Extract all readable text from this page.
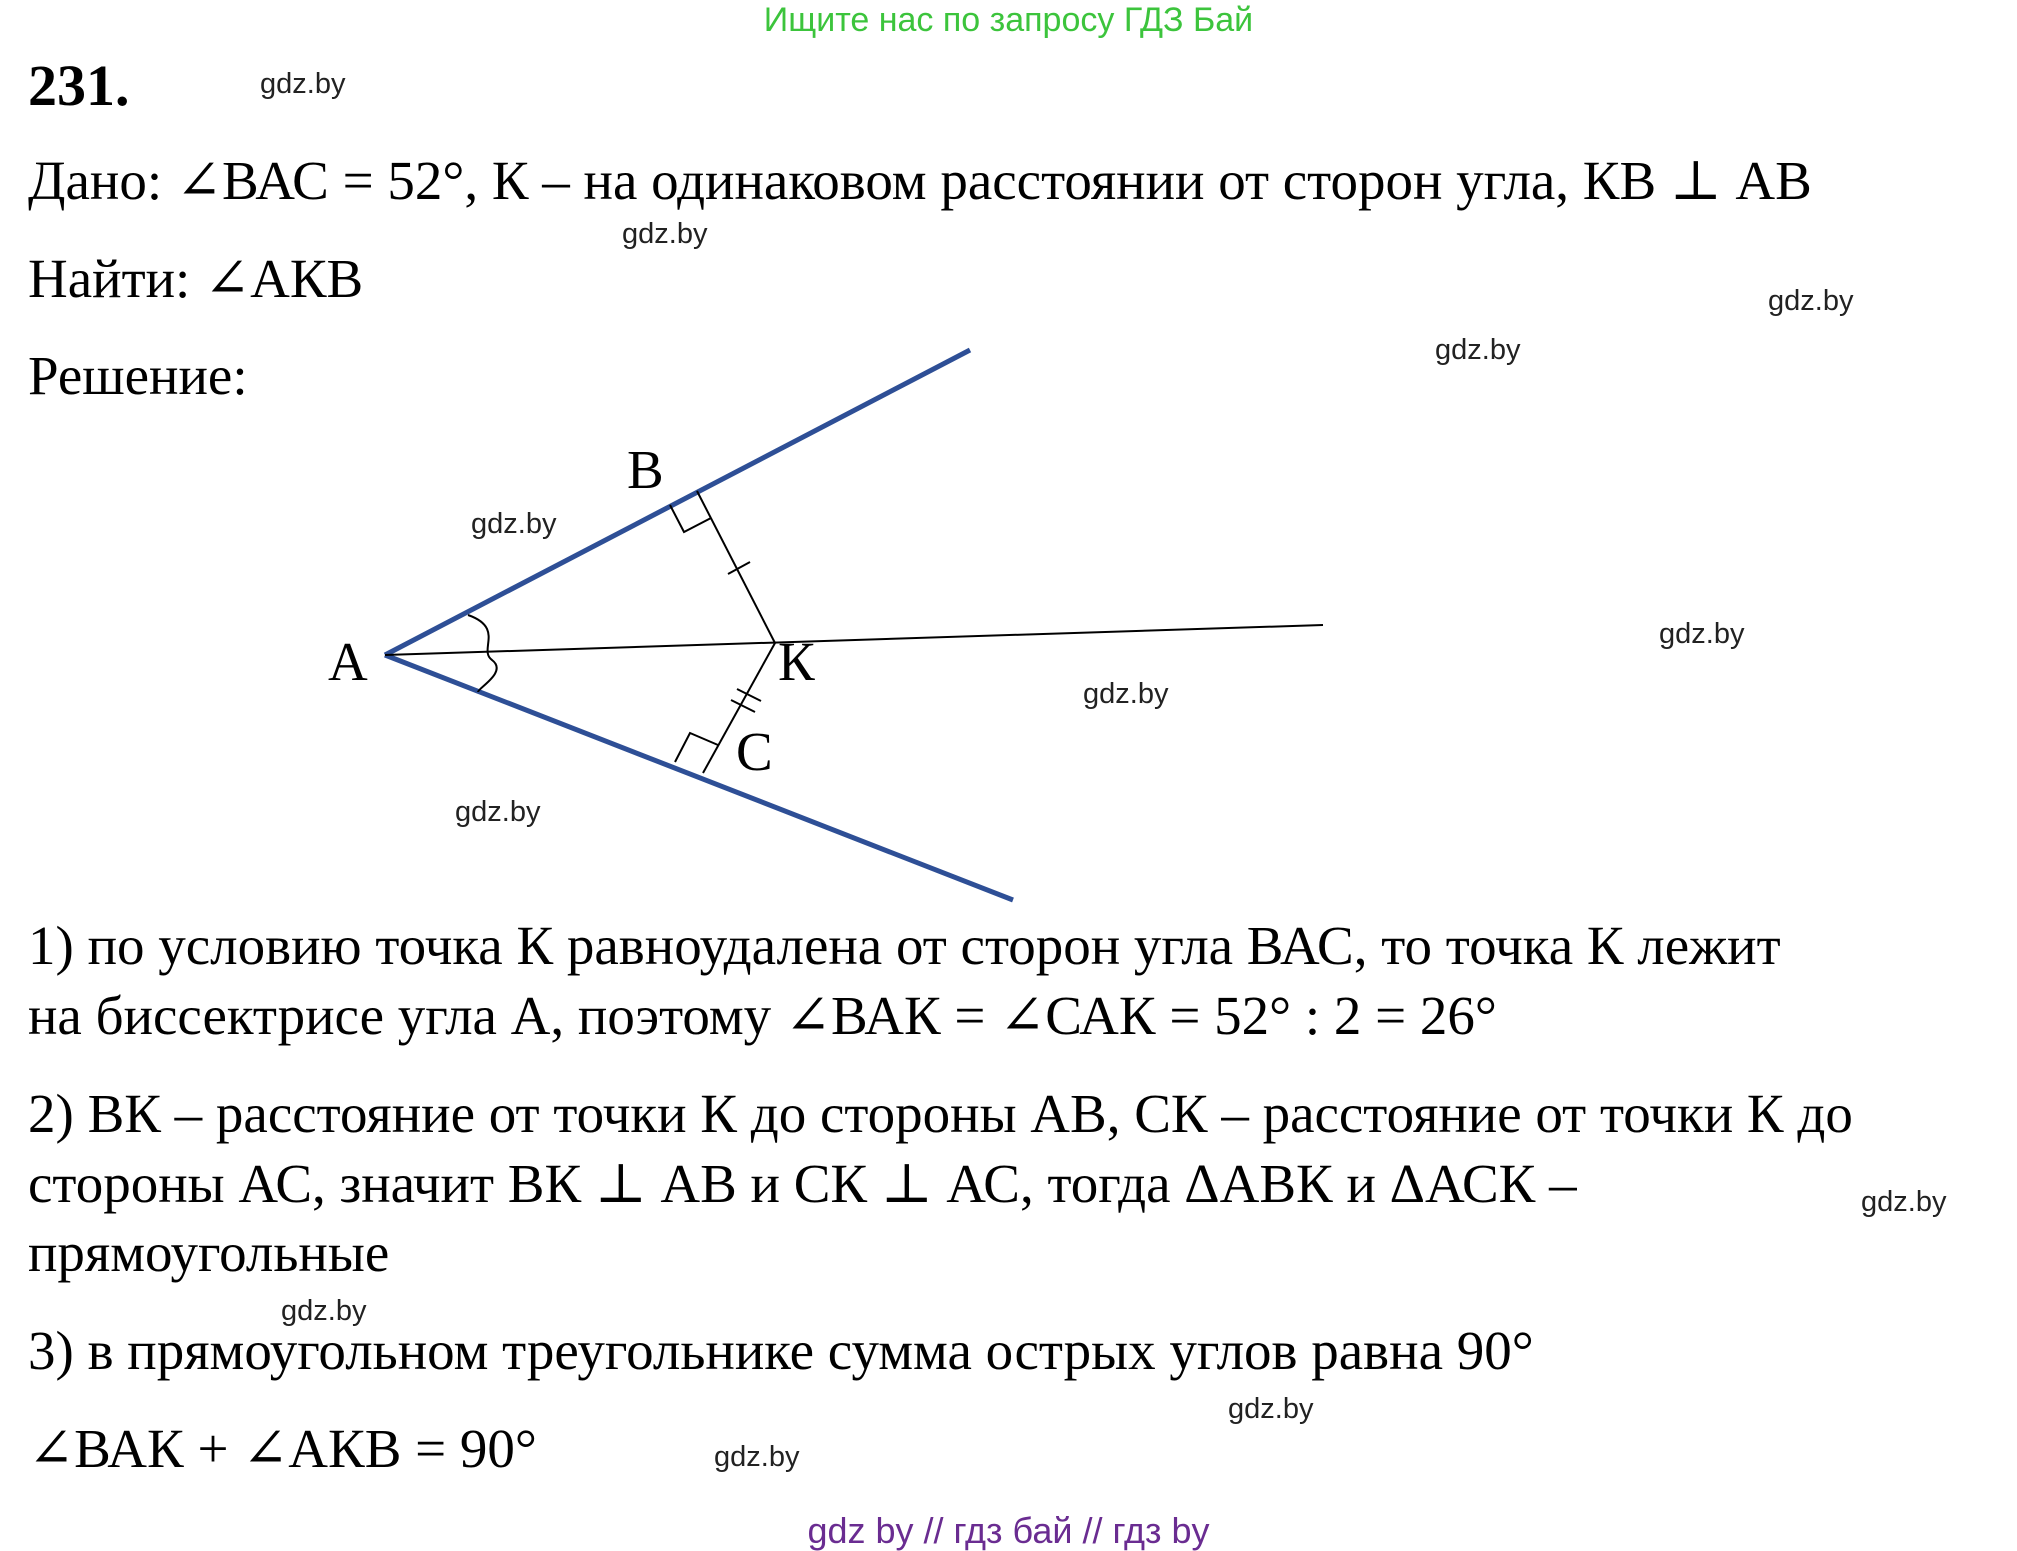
Ищите нас по запросу ГДЗ Бай
231.
Дано: ∠ВАС = 52°, К – на одинаковом расстоянии от сторон угла, КВ ⊥ АВ
Найти: ∠АКВ
Решение:
А
В
К
С
1) по условию точка К равноудалена от сторон угла ВАС, то точка К лежит
на биссектрисе угла А, поэтому ∠ВАК = ∠САК = 52° : 2 = 26°
2) ВК – расстояние от точки К до стороны АВ, СК – расстояние от точки К до
стороны АС, значит ВК ⊥ АВ и СК ⊥ АС, тогда ΔАВК и ΔАСК –
прямоугольные
3) в прямоугольном треугольнике сумма острых углов равна 90°
∠ВАК + ∠АКВ = 90°
gdz.by
gdz.by
gdz.by
gdz.by
gdz.by
gdz.by
gdz.by
gdz.by
gdz.by
gdz.by
gdz.by
gdz.by
gdz by // гдз бай // гдз by
